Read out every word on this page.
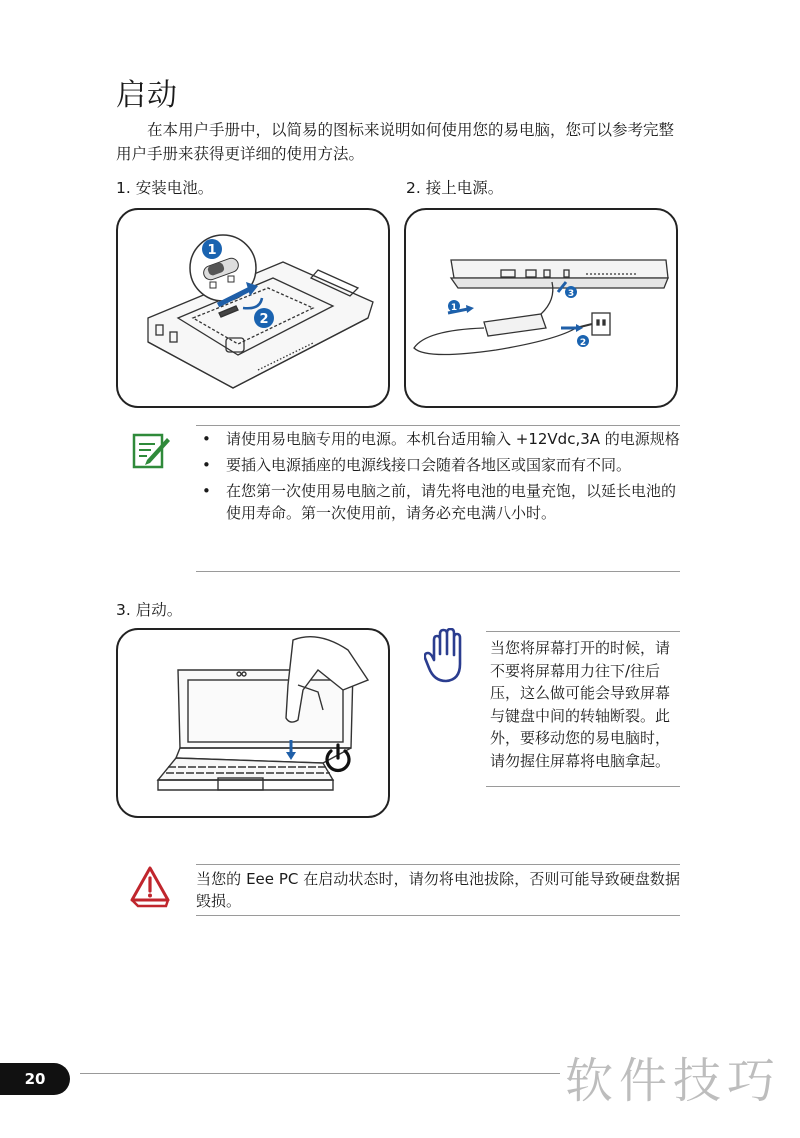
启动

在本用户手册中，以简易的图标来说明如何使用您的易电脑，您可以参考完整用户手册来获得更详细的使用方法。

1. 安装电池。	2. 接上电源。
1
2
1
2
3
• 请使用易电脑专用的电源。本机台适用输入 +12Vdc,3A 的电源规格
• 要插入电源插座的电源线接口会随着各地区或国家而有不同。
• 在您第一次使用易电脑之前，请先将电池的电量充饱，以延长电池的使用寿命。第一次使用前，请务必充电满八小时。
3. 启动。

当您将屏幕打开的时候，请不要将屏幕用力往下/往后压，这么做可能会导致屏幕与键盘中间的转轴断裂。此外，要移动您的易电脑时，请勿握住屏幕将电脑拿起。

当您的 Eee PC 在启动状态时，请勿将电池拔除，否则可能导致硬盘数据毁损。

20	软件技巧
